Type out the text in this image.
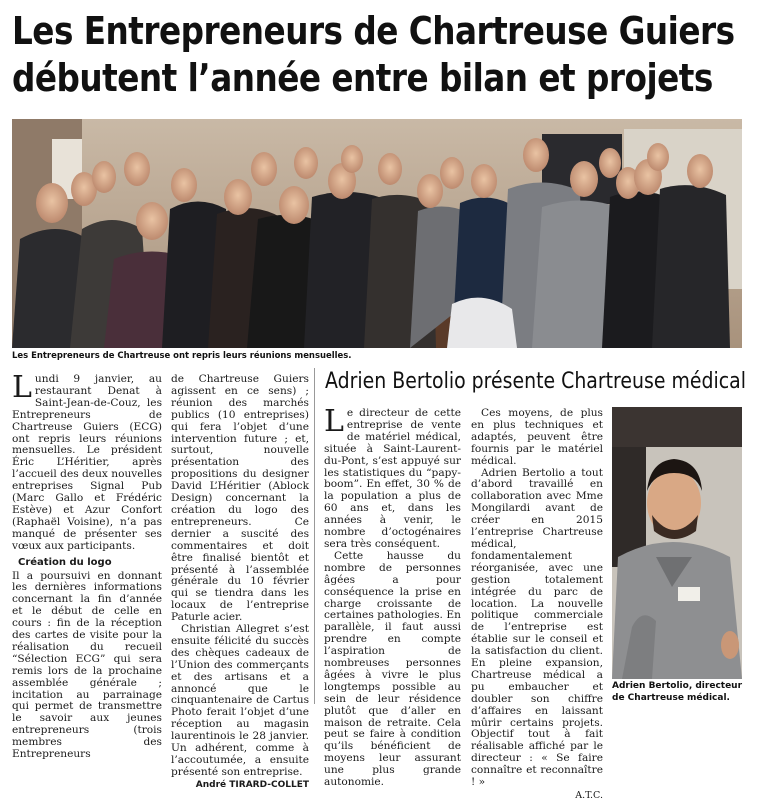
Les Entrepreneurs de Chartreuse Guiers
débutent l’année entre bilan et projets

Les Entrepreneurs de Chartreuse ont repris leurs réunions mensuelles.

Lundi 9 janvier, au restaurant Denat à Saint-Jean-de-Couz, les Entrepreneurs de Chartreuse Guiers (ECG) ont repris leurs réunions mensuelles. Le président Éric L’Héritier, après l’accueil des deux nouvelles entreprises Signal Pub (Marc Gallo et Frédéric Estève) et Azur Confort (Raphaël Voisine), n’a pas manqué de présenter ses vœux aux participants.

Création du logo

Il a poursuivi en donnant les dernières informations concernant la fin d’année et le début de celle en cours : fin de la réception des cartes de visite pour la réalisation du recueil “Sélection ECG” qui sera remis lors de la prochaine assemblée générale ; incitation au parrainage qui permet de transmettre le savoir aux jeunes entrepreneurs (trois membres des Entrepreneurs

de Chartreuse Guiers agissent en ce sens) ; réunion des marchés publics (10 entreprises) qui fera l’objet d’une intervention future ; et, surtout, nouvelle présentation des propositions du designer David L’Héritier (Ablock Design) concernant la création du logo des entrepreneurs. Ce dernier a suscité des commentaires et doit être finalisé bientôt et présenté à l’assemblée générale du 10 février qui se tiendra dans les locaux de l’entreprise Paturle acier.

Christian Allegret s’est ensuite félicité du succès des chèques cadeaux de l’Union des commerçants et des artisans et a annoncé que le cinquantenaire de Cartus Photo ferait l’objet d’une réception au magasin laurentinois le 28 janvier. Un adhérent, comme à l’accoutumée, a ensuite présenté son entreprise.

André TIRARD-COLLET
Adrien Bertolio présente Chartreuse médical

Le directeur de cette entreprise de vente de matériel médical, située à Saint-Laurent-du-Pont, s’est appuyé sur les statistiques du “papy-boom”. En effet, 30 % de la population a plus de 60 ans et, dans les années à venir, le nombre d’octogénaires sera très conséquent.

Cette hausse du nombre de personnes âgées a pour conséquence la prise en charge croissante de certaines pathologies. En parallèle, il faut aussi prendre en compte l’aspiration de nombreuses personnes âgées à vivre le plus longtemps possible au sein de leur résidence plutôt que d’aller en maison de retraite. Cela peut se faire à condition qu’ils bénéficient de moyens leur assurant une plus grande autonomie.

Ces moyens, de plus en plus techniques et adaptés, peuvent être fournis par le matériel médical.

Adrien Bertolio a tout d’abord travaillé en collaboration avec Mme Mongilardi avant de créer en 2015 l’entreprise Chartreuse médical, fondamentalement réorganisée, avec une gestion totalement intégrée du parc de location. La nouvelle politique commerciale de l’entreprise est établie sur le conseil et la satisfaction du client. En pleine expansion, Chartreuse médical a pu embaucher et doubler son chiffre d’affaires en laissant mûrir certains projets. Objectif tout à fait réalisable affiché par le directeur : « Se faire connaître et reconnaître ! »

A.T.C.

Adrien Bertolio, directeur de Chartreuse médical.
